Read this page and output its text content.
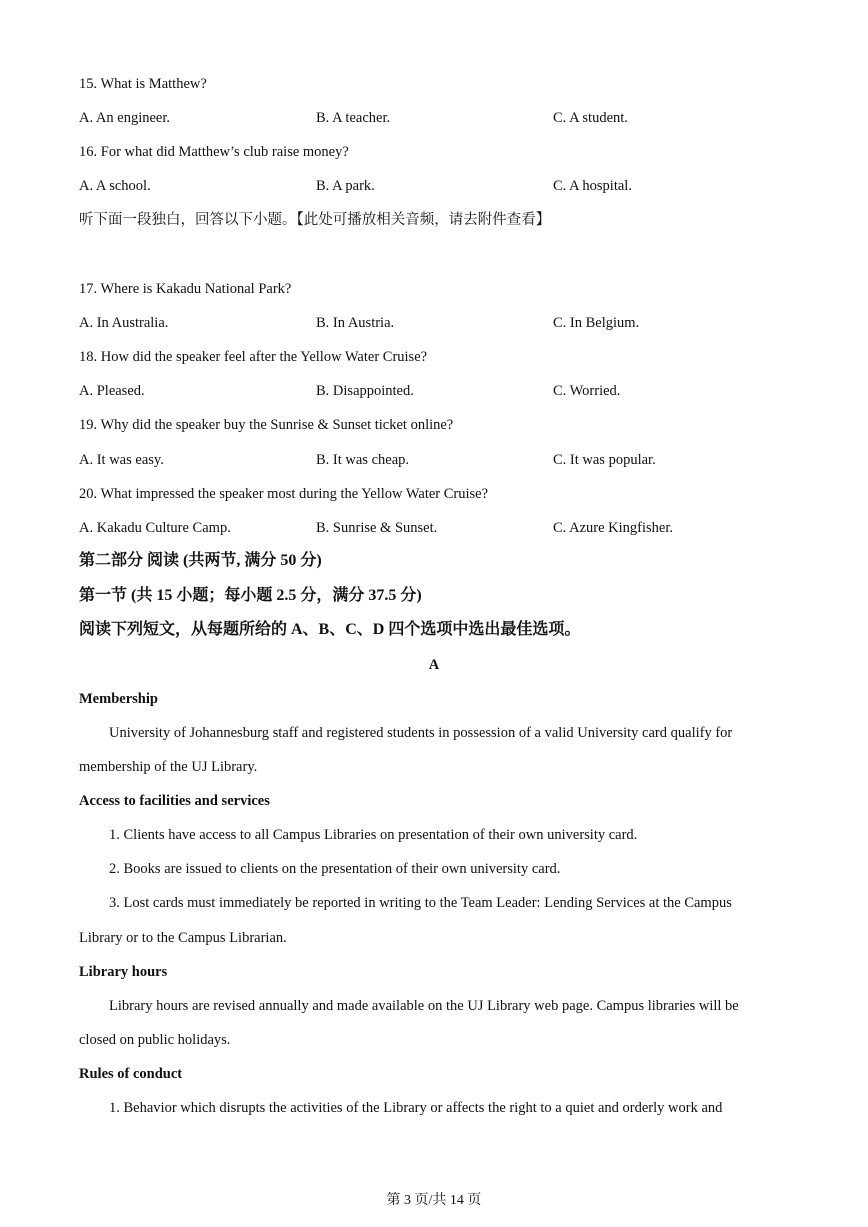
15. What is Matthew?
A. An engineer.	B. A teacher.	C. A student.
16. For what did Matthew’s club raise money?
A. A school.	B. A park.	C. A hospital.
听下面一段独白，回答以下小题。【此处可播放相关音频，请去附件查看】
17. Where is Kakadu National Park?
A. In Australia.	B. In Austria.	C. In Belgium.
18. How did the speaker feel after the Yellow Water Cruise?
A. Pleased.	B. Disappointed.	C. Worried.
19. Why did the speaker buy the Sunrise & Sunset ticket online?
A. It was easy.	B. It was cheap.	C. It was popular.
20. What impressed the speaker most during the Yellow Water Cruise?
A. Kakadu Culture Camp.	B. Sunrise & Sunset.	C. Azure Kingfisher.
第二部分 阅读 (共两节, 满分 50 分)
第一节 (共 15 小题；每小题 2.5 分，满分 37.5 分)
阅读下列短文，从每题所给的 A、B、C、D 四个选项中选出最佳选项。
A
Membership
University of Johannesburg staff and registered students in possession of a valid University card qualify for
membership of the UJ Library.
Access to facilities and services
1. Clients have access to all Campus Libraries on presentation of their own university card.
2. Books are issued to clients on the presentation of their own university card.
3. Lost cards must immediately be reported in writing to the Team Leader: Lending Services at the Campus
Library or to the Campus Librarian.
Library hours
Library hours are revised annually and made available on the UJ Library web page. Campus libraries will be
closed on public holidays.
Rules of conduct
1. Behavior which disrupts the activities of the Library or affects the right to a quiet and orderly work and
第 3 页/共 14 页
